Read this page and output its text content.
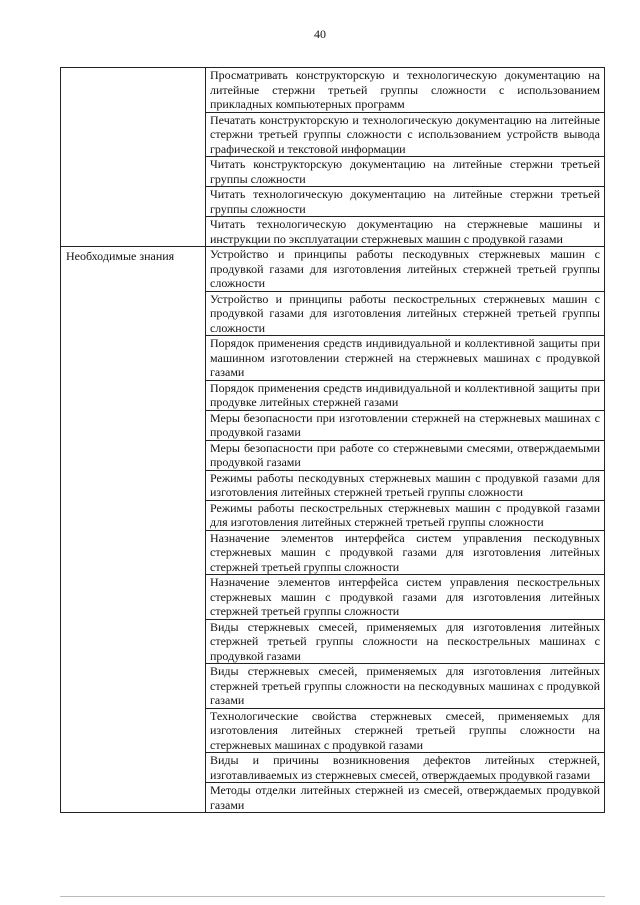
40
	Просматривать конструкторскую и технологическую документацию на литейные стержни третьей группы сложности с использованием прикладных компьютерных программ
	Печатать конструкторскую и технологическую документацию на литейные стержни третьей группы сложности с использованием устройств вывода графической и текстовой информации
	Читать конструкторскую документацию на литейные стержни третьей группы сложности
	Читать технологическую документацию на литейные стержни третьей группы сложности
	Читать технологическую документацию на стержневые машины и инструкции по эксплуатации стержневых машин с продувкой газами
Необходимые знания	Устройство и принципы работы пескодувных стержневых машин с продувкой газами для изготовления литейных стержней третьей группы сложности
	Устройство и принципы работы пескострельных стержневых машин с продувкой газами для изготовления литейных стержней третьей группы сложности
	Порядок применения средств индивидуальной и коллективной защиты при машинном изготовлении стержней на стержневых машинах с продувкой газами
	Порядок применения средств индивидуальной и коллективной защиты при продувке литейных стержней газами
	Меры безопасности при изготовлении стержней на стержневых машинах с продувкой газами
	Меры безопасности при работе со стержневыми смесями, отверждаемыми продувкой газами
	Режимы работы пескодувных стержневых машин с продувкой газами для изготовления литейных стержней третьей группы сложности
	Режимы работы пескострельных стержневых машин с продувкой газами для изготовления литейных стержней третьей группы сложности
	Назначение элементов интерфейса систем управления пескодувных стержневых машин с продувкой газами для изготовления литейных стержней третьей группы сложности
	Назначение элементов интерфейса систем управления пескострельных стержневых машин с продувкой газами для изготовления литейных стержней третьей группы сложности
	Виды стержневых смесей, применяемых для изготовления литейных стержней третьей группы сложности на пескострельных машинах с продувкой газами
	Виды стержневых смесей, применяемых для изготовления литейных стержней третьей группы сложности на пескодувных машинах с продувкой газами
	Технологические свойства стержневых смесей, применяемых для изготовления литейных стержней третьей группы сложности на стержневых машинах с продувкой газами
	Виды и причины возникновения дефектов литейных стержней, изготавливаемых из стержневых смесей, отверждаемых продувкой газами
	Методы отделки литейных стержней из смесей, отверждаемых продувкой газами
